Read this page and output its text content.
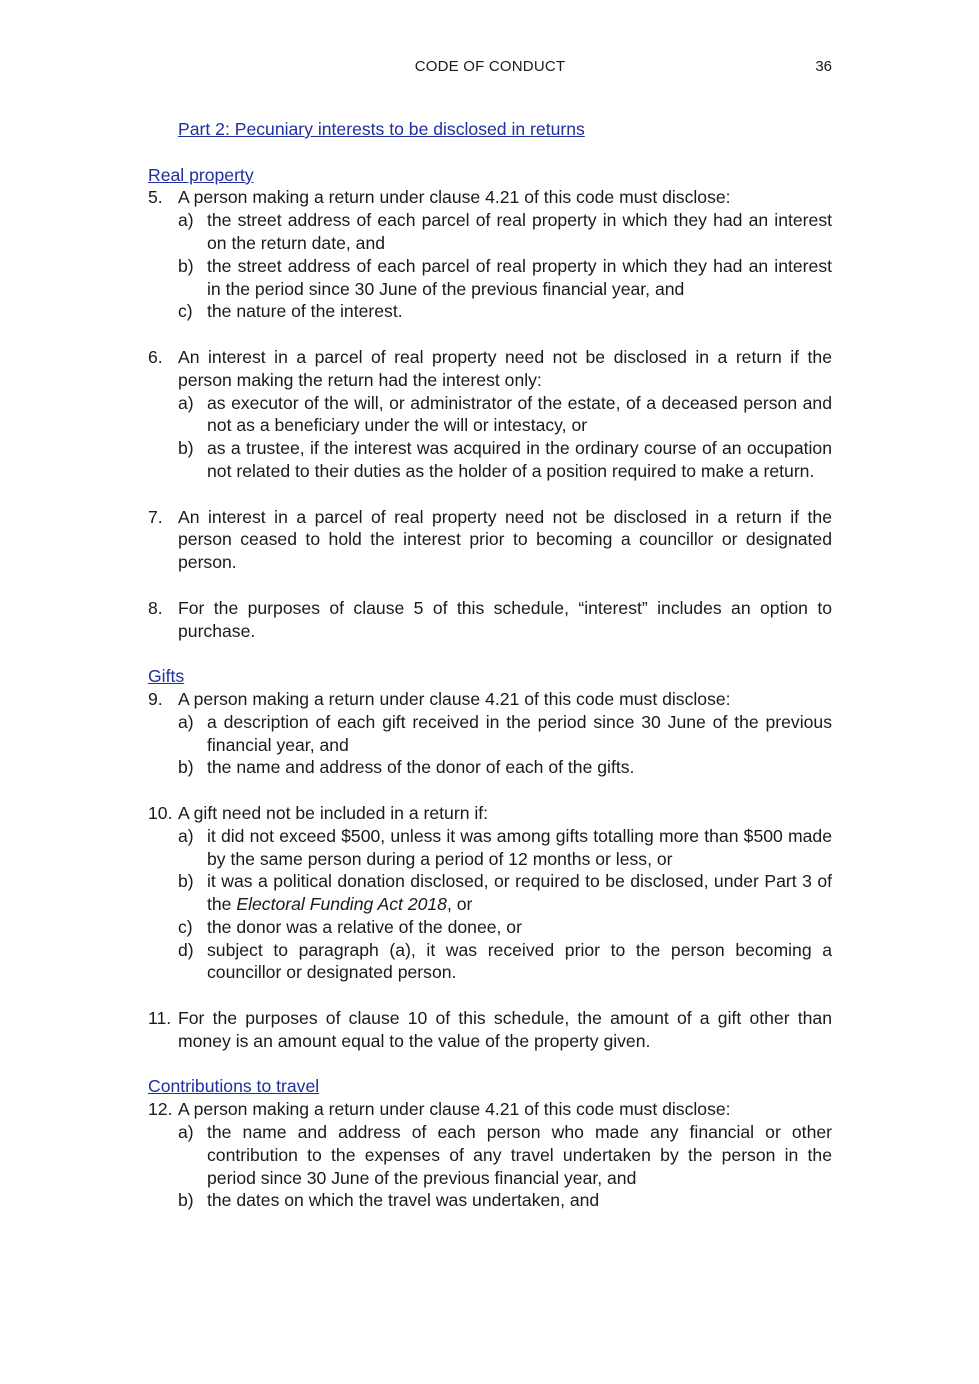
CODE OF CONDUCT	36
Part 2: Pecuniary interests to be disclosed in returns
Real property
5. A person making a return under clause 4.21 of this code must disclose:
a) the street address of each parcel of real property in which they had an interest on the return date, and
b) the street address of each parcel of real property in which they had an interest in the period since 30 June of the previous financial year, and
c) the nature of the interest.
6. An interest in a parcel of real property need not be disclosed in a return if the person making the return had the interest only:
a) as executor of the will, or administrator of the estate, of a deceased person and not as a beneficiary under the will or intestacy, or
b) as a trustee, if the interest was acquired in the ordinary course of an occupation not related to their duties as the holder of a position required to make a return.
7. An interest in a parcel of real property need not be disclosed in a return if the person ceased to hold the interest prior to becoming a councillor or designated person.
8. For the purposes of clause 5 of this schedule, “interest” includes an option to purchase.
Gifts
9. A person making a return under clause 4.21 of this code must disclose:
a) a description of each gift received in the period since 30 June of the previous financial year, and
b) the name and address of the donor of each of the gifts.
10. A gift need not be included in a return if:
a) it did not exceed $500, unless it was among gifts totalling more than $500 made by the same person during a period of 12 months or less, or
b) it was a political donation disclosed, or required to be disclosed, under Part 3 of the Electoral Funding Act 2018, or
c) the donor was a relative of the donee, or
d) subject to paragraph (a), it was received prior to the person becoming a councillor or designated person.
11. For the purposes of clause 10 of this schedule, the amount of a gift other than money is an amount equal to the value of the property given.
Contributions to travel
12. A person making a return under clause 4.21 of this code must disclose:
a) the name and address of each person who made any financial or other contribution to the expenses of any travel undertaken by the person in the period since 30 June of the previous financial year, and
b) the dates on which the travel was undertaken, and
